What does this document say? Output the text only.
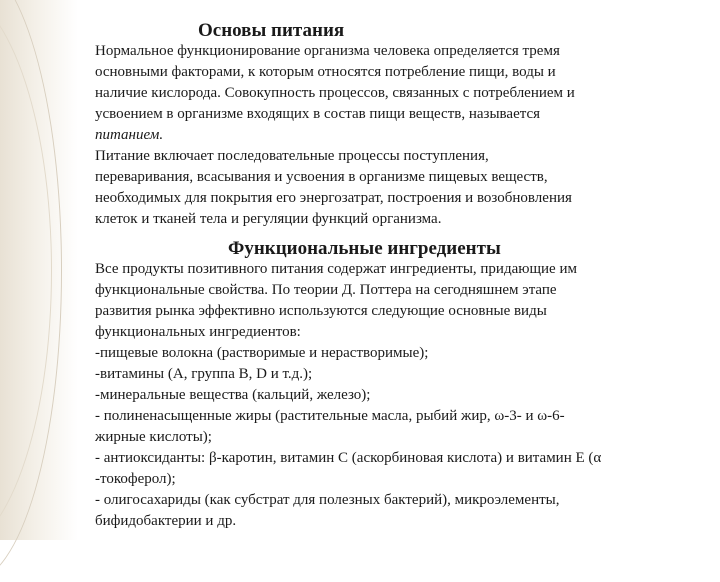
Основы питания
Нормальное функционирование организма человека определяется тремя
основными факторами, к которым относятся потребление пищи, воды и
наличие кислорода. Совокупность процессов, связанных с потреблением и
усвоением в организме входящих в состав пищи веществ, называется
питанием.
Питание включает последовательные процессы поступления,
переваривания, всасывания и усвоения в организме пищевых веществ,
необходимых для покрытия его энергозатрат, построения и возобновления
клеток и тканей тела и регуляции функций организма.
Функциональные ингредиенты
Все продукты позитивного питания содержат ингредиенты, придающие им
функциональные свойства. По теории Д. Поттера на сегодняшнем этапе
развития рынка эффективно используются следующие основные виды
функциональных ингредиентов:
-пищевые волокна (растворимые и нерастворимые);
-витамины (А, группа В, D и т.д.);
-минеральные вещества (кальций, железо);
- полиненасыщенные жиры (растительные масла, рыбий жир, ω-3- и ω-6-
жирные кислоты);
- антиоксиданты: β-каротин, витамин С (аскорбиновая кислота) и витамин Е (α
-токоферол);
- олигосахариды (как субстрат для полезных бактерий), микроэлементы,
бифидобактерии и др.
